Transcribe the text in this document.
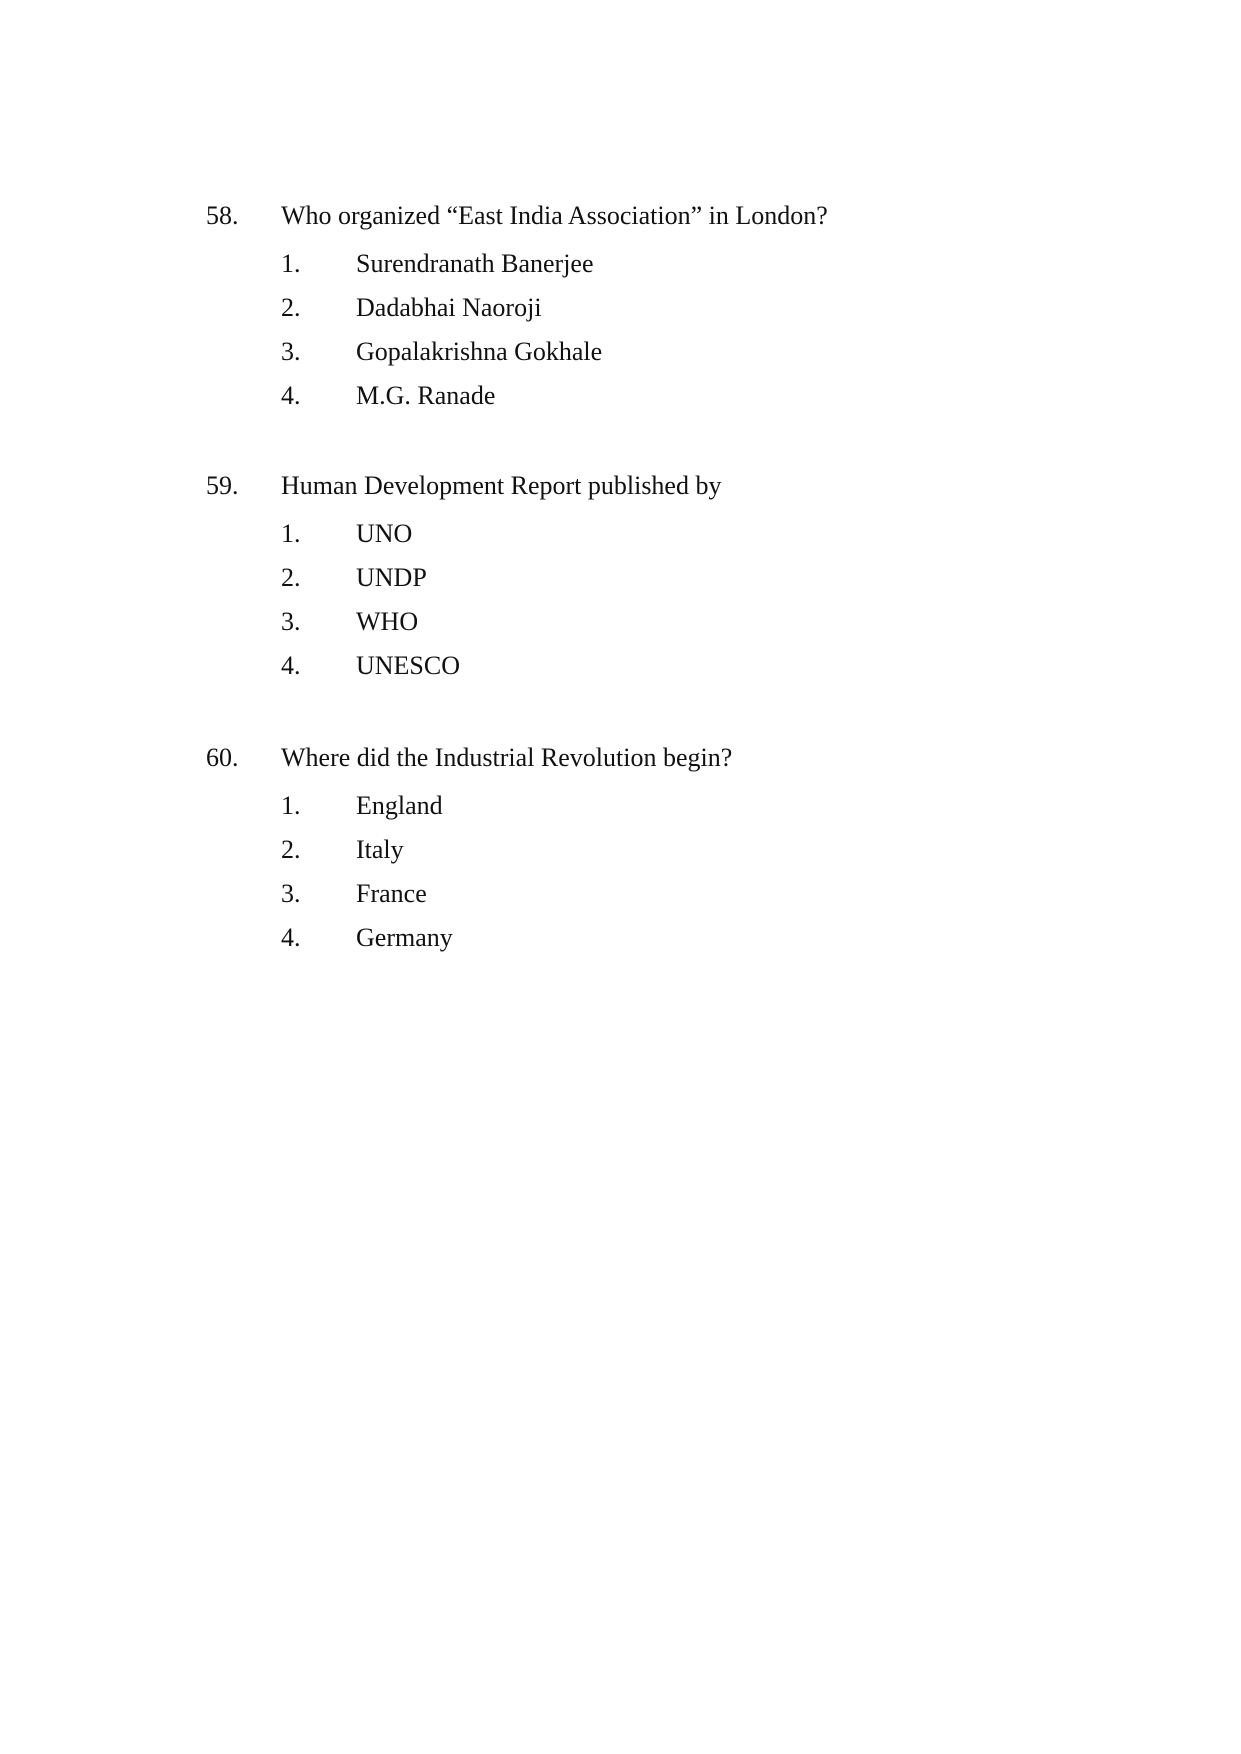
58. Who organized “East India Association” in London?
1. Surendranath Banerjee
2. Dadabhai Naoroji
3. Gopalakrishna Gokhale
4. M.G. Ranade
59. Human Development Report published by
1. UNO
2. UNDP
3. WHO
4. UNESCO
60. Where did the Industrial Revolution begin?
1. England
2. Italy
3. France
4. Germany
